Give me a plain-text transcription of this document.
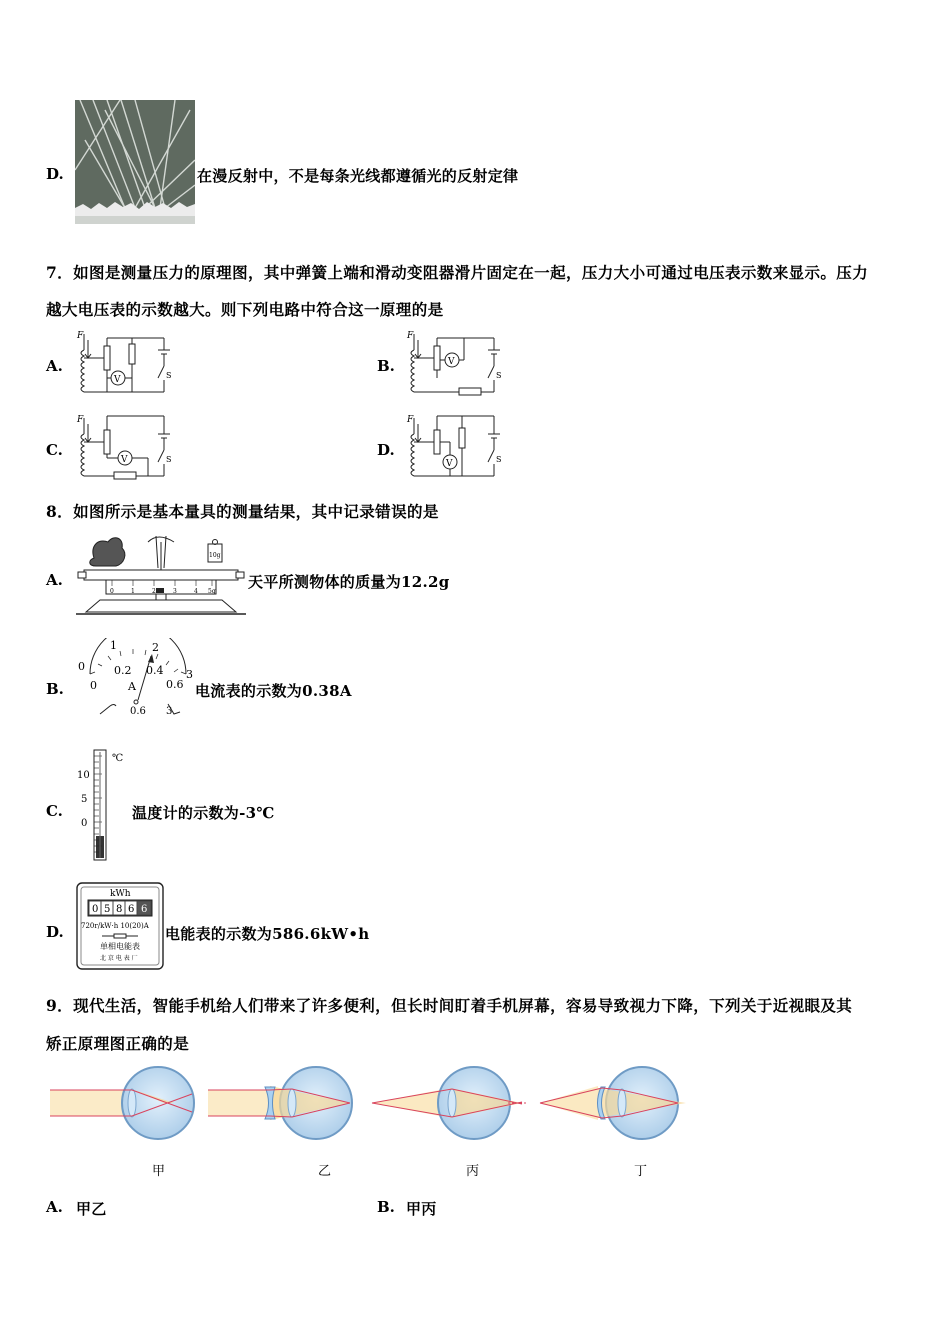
D.	在漫反射中，不是每条光线都遵循光的反射定律
7．如图是测量压力的原理图，其中弹簧上端和滑动变阻器滑片固定在一起，压力大小可通过电压表示数来显示。压力
越大电压表的示数越大。则下列电路中符合这一原理的是
A.
F
V	S
B.
F
V
S
C.
F
V	S
D.
F
V	S
8．如图所示是基本量具的测量结果，其中记录错误的是
A.
10g
0	1	2	3	4 5g
天平所测物体的质量为12.2g
B.
0
1	2
3
0
0.2 0.4
0.6
A
0.6 3
电流表的示数为0.38A
C.
℃
10
5
0
温度计的示数为-3℃
D.
kWh
0 5 8 6 6
720r/kW·h 10(20)A
单相电能表
北 京 电 表 厂
电能表的示数为586.6kW•h
9．现代生活，智能手机给人们带来了许多便利，但长时间盯着手机屏幕，容易导致视力下降，下列关于近视眼及其
矫正原理图正确的是
甲	乙	丙	丁
A. 甲乙	B. 甲丙
